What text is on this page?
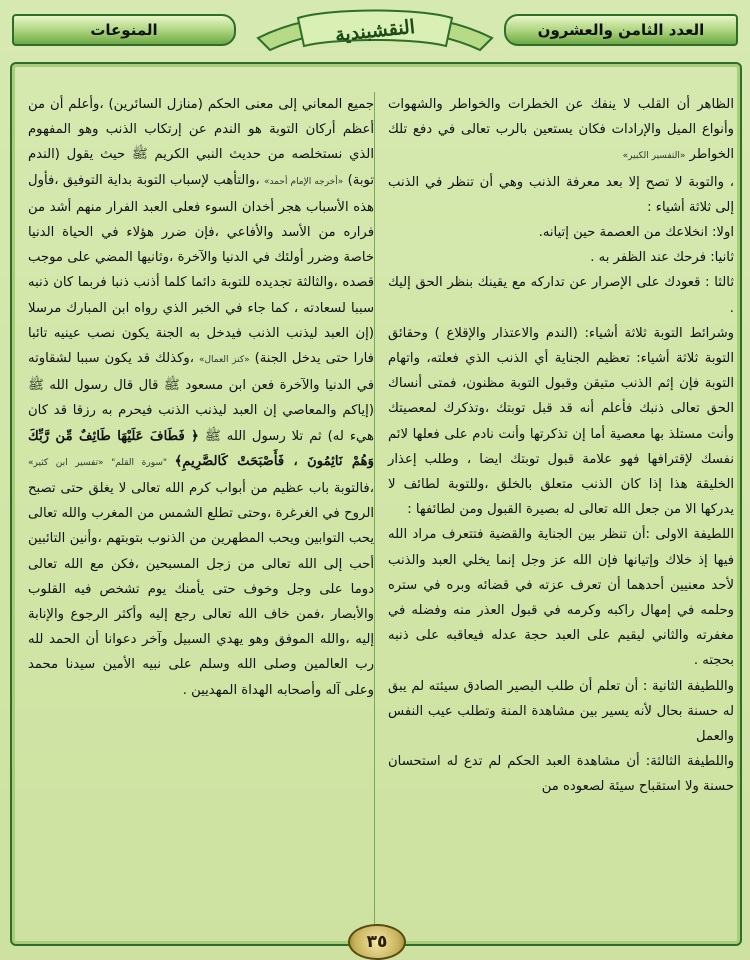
المنوعات	النقشبندية	العدد الثامن والعشرون

الظاهر أن القلب لا ينفك عن الخطرات والخواطر والشهوات وأنواع الميل والإرادات فكان يستعين بالرب تعالى في دفع تلك الخواطر «التفسير الكبير»

، والتوبة لا تصح إلا بعد معرفة الذنب وهي أن تنظر في الذنب إلى ثلاثة أشياء :

اولا: انخلاعك من العصمة حين إتيانه.

ثانيا: فرحك عند الظفر به .

ثالثا : قعودك على الإصرار عن تداركه مع يقينك بنظر الحق إليك .

وشرائط التوبة ثلاثة أشياء: (الندم والاعتذار والإقلاع ) وحقائق التوبة ثلاثة أشياء: تعظيم الجناية أي الذنب الذي فعلته، واتهام التوبة فإن إثم الذنب متيقن وقبول التوبة مظنون، فمتى أنساك الحق تعالى ذنبك فأعلم أنه قد قبل توبتك ،وتذكرك لمعصيتك وأنت مستلذ بها معصية أما إن تذكرتها وأنت نادم على فعلها لائم نفسك لإقترافها فهو علامة قبول توبتك ايضا ، وطلب إعذار الخليقة هذا إذا كان الذنب متعلق بالخلق ،وللتوبة لطائف لا يدركها الا من جعل الله تعالى له بصيرة القبول ومن لطائفها :

اللطيفة الاولى :أن تنظر بين الجناية والقضية فتتعرف مراد الله فيها إذ خلاك وإتيانها فإن الله عز وجل إنما يخلي العبد والذنب لأحد معنيين أحدهما أن تعرف عزته في قضائه وبره في ستره وحلمه في إمهال راكبه وكرمه في قبول العذر منه وفضله في مغفرته والثاني ليقيم على العبد حجة عدله فيعاقبه على ذنبه بحجته .

واللطيفة الثانية : أن تعلم أن طلب البصير الصادق سيئته لم يبق له حسنة بحال لأنه يسير بين مشاهدة المنة وتطلب عيب النفس والعمل

واللطيفة الثالثة: أن مشاهدة العبد الحكم لم تدع له استحسان حسنة ولا استقباح سيئة لصعوده من

جميع المعاني إلى معنى الحكم (منازل السائرين) ،وأعلم أن من أعظم أركان التوبة هو الندم عن إرتكاب الذنب وهو المفهوم الذي نستخلصه من حديث النبي الكريم ﷺ حيث يقول (الندم توبة) «أخرجه الإمام أحمد» ،والتأهب لإسباب التوبة بداية التوفيق ،فأول هذه الأسباب هجر أخدان السوء فعلى العبد الفرار منهم أشد من فراره من الأسد والأفاعي ،فإن ضرر هؤلاء في الحياة الدنيا خاصة وضرر أولئك في الدنيا والآخرة ،وثانيها المضي على موجب قصده ،والثالثة تجديده للتوبة دائما كلما أذنب ذنبا فربما كان ذنبه سببا لسعادته ، كما جاء في الخبر الذي رواه ابن المبارك مرسلا (إن العبد ليذنب الذنب فيدخل به الجنة يكون نصب عينيه تائبا فارا حتى يدخل الجنة) «كنز العمال» ،وكذلك قد يكون سببا لشقاوته في الدنيا والآخرة فعن ابن مسعود ﷺ قال قال رسول الله ﷺ (إياكم والمعاصي إن العبد ليذنب الذنب فيحرم به رزقا قد كان هيء له) ثم تلا رسول الله ﷺ ﴿ فَطَافَ عَلَيْهَا طَائِفٌ مِّن رَّبِّكَ وَهُمْ نَائِمُونَ ، فَأَصْبَحَتْ كَالصَّرِيمِ﴾ "سورة القلم" «تفسير ابن كثير» ،فالتوبة باب عظيم من أبواب كرم الله تعالى لا يغلق حتى تصبح الروح في الغرغرة ،وحتى تطلع الشمس من المغرب والله تعالى يحب التوابين ويحب المطهرين من الذنوب بتوبتهم ،وأنين التائبين أحب إلى الله تعالى من زجل المسبحين ،فكن مع الله تعالى دوما على وجل وخوف حتى يأمنك يوم تشخص فيه القلوب والأبصار ،فمن خاف الله تعالى رجع إليه وأكثر الرجوع والإنابة إليه ،والله الموفق وهو يهدي السبيل وآخر دعوانا أن الحمد لله رب العالمين وصلى الله وسلم على نبيه الأمين سيدنا محمد وعلى آله وأصحابه الهداة المهديين .

٣٥
